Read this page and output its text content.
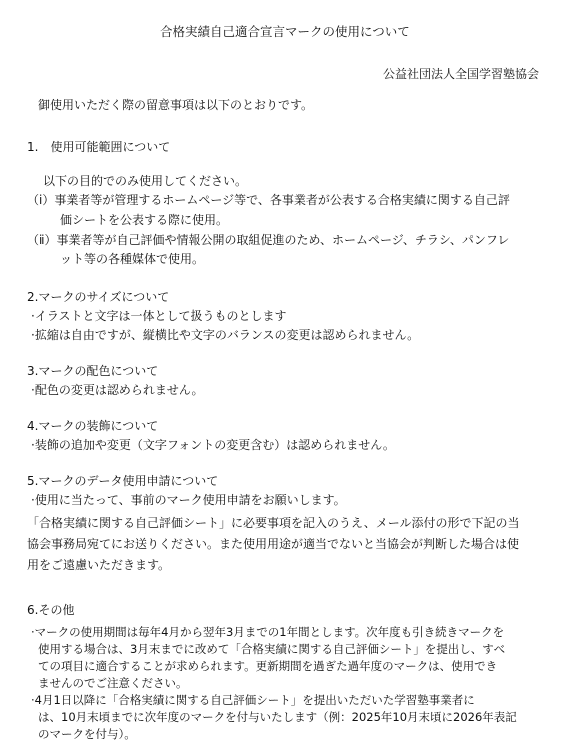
合格実績自己適合宣言マークの使用について
公益社団法人全国学習塾協会
御使用いただく際の留意事項は以下のとおりです。
1.　使用可能範囲について
以下の目的でのみ使用してください。
（ⅰ）事業者等が管理するホームページ等で、各事業者が公表する合格実績に関する自己評
価シートを公表する際に使用。
（ⅱ）事業者等が自己評価や情報公開の取組促進のため、ホームページ、チラシ、パンフレ
ット等の各種媒体で使用。
2.マークのサイズについて
·イラストと文字は一体として扱うものとします
·拡縮は自由ですが、縦横比や文字のバランスの変更は認められません。
3.マークの配色について
·配色の変更は認められません。
4.マークの装飾について
·装飾の追加や変更（文字フォントの変更含む）は認められません。
5.マークのデータ使用申請について
·使用に当たって、事前のマーク使用申請をお願いします。
「合格実績に関する自己評価シート」に必要事項を記入のうえ、メール添付の形で下記の当
協会事務局宛てにお送りください。また使用用途が適当でないと当協会が判断した場合は使
用をご遠慮いただきます。
6.その他
·マークの使用期間は毎年4月から翌年3月までの1年間とします。次年度も引き続きマークを
使用する場合は、3月末までに改めて「合格実績に関する自己評価シート」を提出し、すべ
ての項目に適合することが求められます。更新期間を過ぎた過年度のマークは、使用でき
ませんのでご注意ください。
·4月1日以降に「合格実績に関する自己評価シート」を提出いただいた学習塾事業者に
は、10月末頃までに次年度のマークを付与いたします（例：2025年10月末頃に2026年表記
のマークを付与）。
